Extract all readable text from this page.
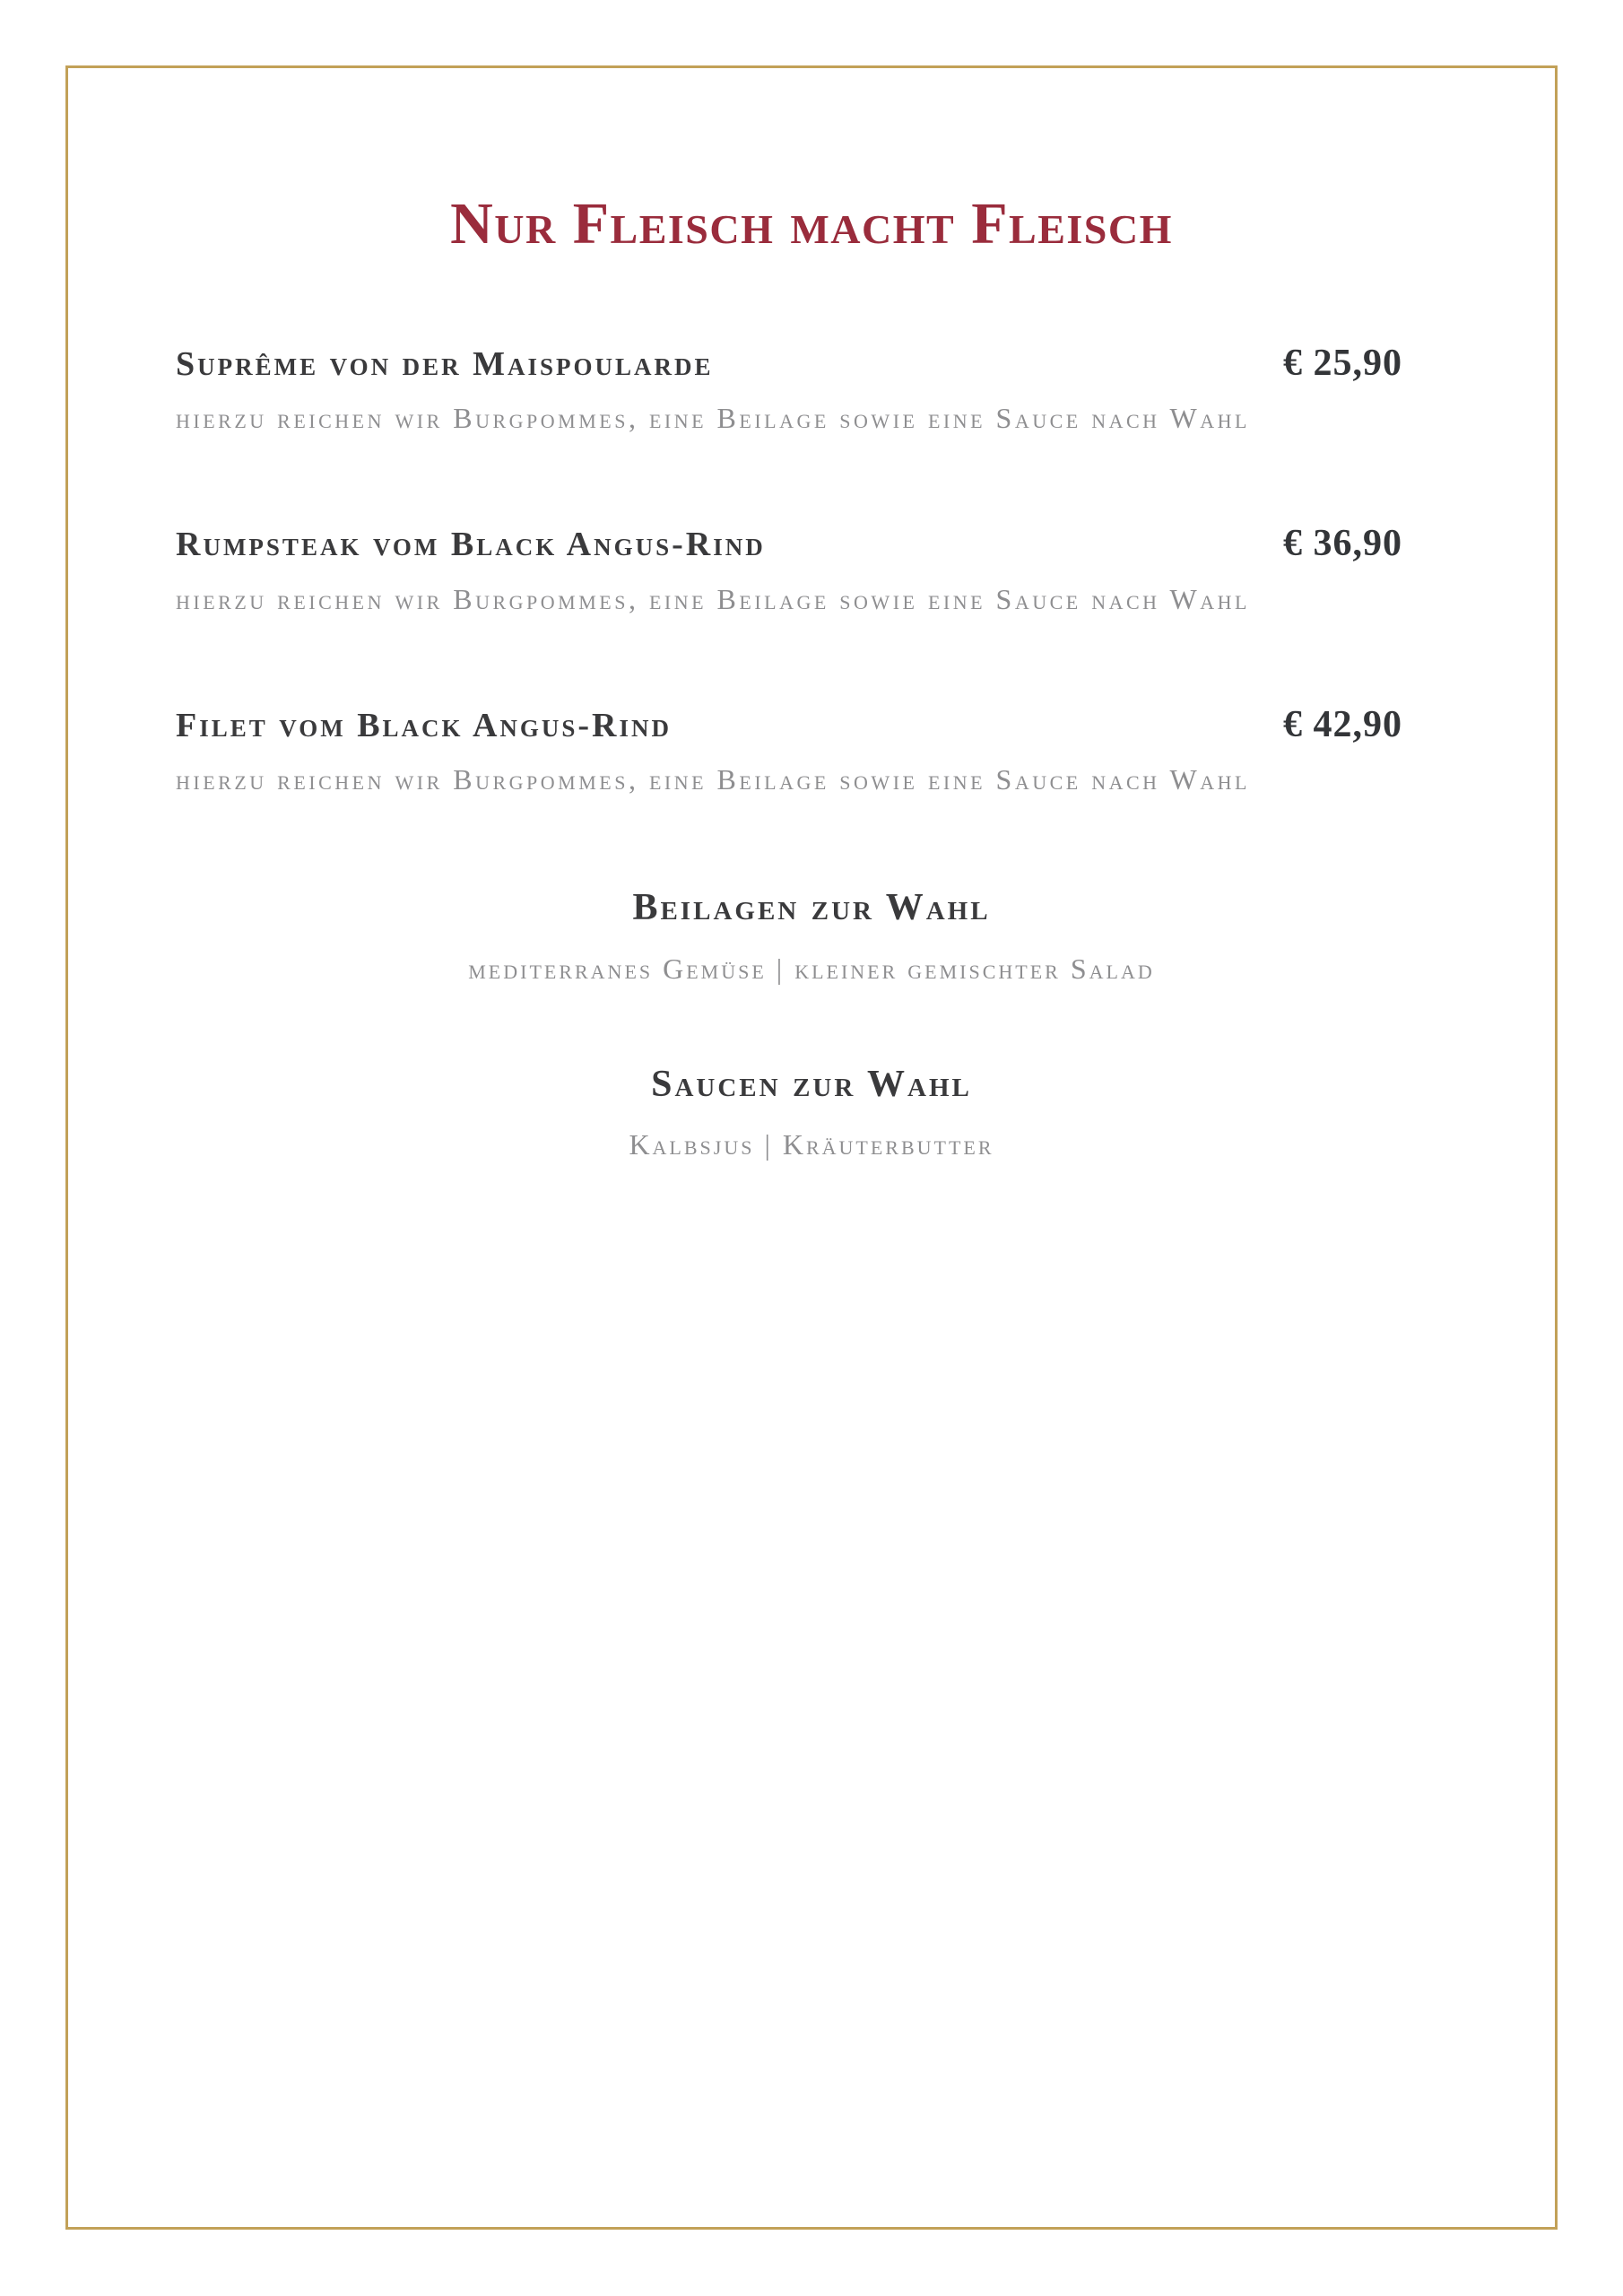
Nur Fleisch macht Fleisch
Suprême von der Maispoularde	€ 25,90

hierzu reichen wir Burgpommes, eine Beilage sowie eine Sauce nach Wahl

Rumpsteak vom Black Angus-Rind	€ 36,90

hierzu reichen wir Burgpommes, eine Beilage sowie eine Sauce nach Wahl

Filet vom Black Angus-Rind	€ 42,90

hierzu reichen wir Burgpommes, eine Beilage sowie eine Sauce nach Wahl

Beilagen zur Wahl

mediterranes Gemüse | kleiner gemischter Salad

Saucen zur Wahl

Kalbsjus | Kräuterbutter
